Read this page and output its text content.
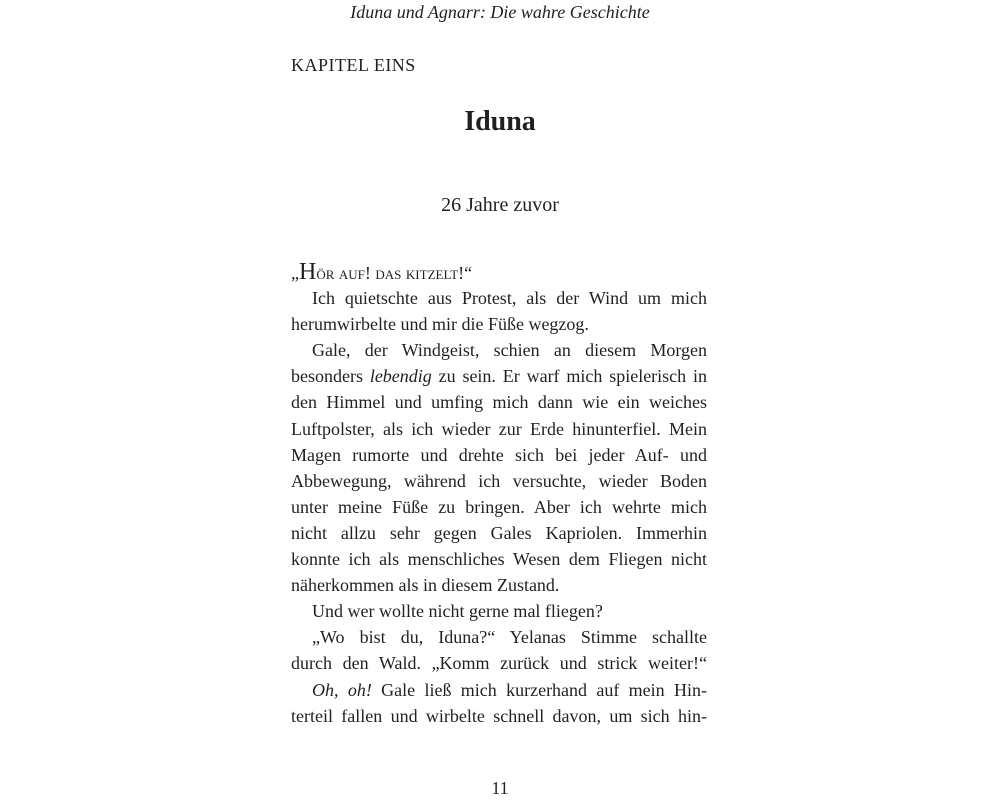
Iduna und Agnarr: Die wahre Geschichte
KAPITEL EINS
Iduna
26 Jahre zuvor
„Hör auf! das kitzelt!“
Ich quietschte aus Protest, als der Wind um mich
herumwirbelte und mir die Füße wegzog.
Gale, der Windgeist, schien an diesem Morgen
besonders lebendig zu sein. Er warf mich spielerisch in
den Himmel und umfing mich dann wie ein weiches
Luftpolster, als ich wieder zur Erde hinunterfiel. Mein
Magen rumorte und drehte sich bei jeder Auf- und
Abbewegung, während ich versuchte, wieder Boden
unter meine Füße zu bringen. Aber ich wehrte mich
nicht allzu sehr gegen Gales Kapriolen. Immerhin
konnte ich als menschliches Wesen dem Fliegen nicht
näherkommen als in diesem Zustand.
Und wer wollte nicht gerne mal fliegen?
„Wo bist du, Iduna?“ Yelanas Stimme schallte
durch den Wald. „Komm zurück und strick weiter!“
Oh, oh! Gale ließ mich kurzerhand auf mein Hin-
terteil fallen und wirbelte schnell davon, um sich hin-
11
